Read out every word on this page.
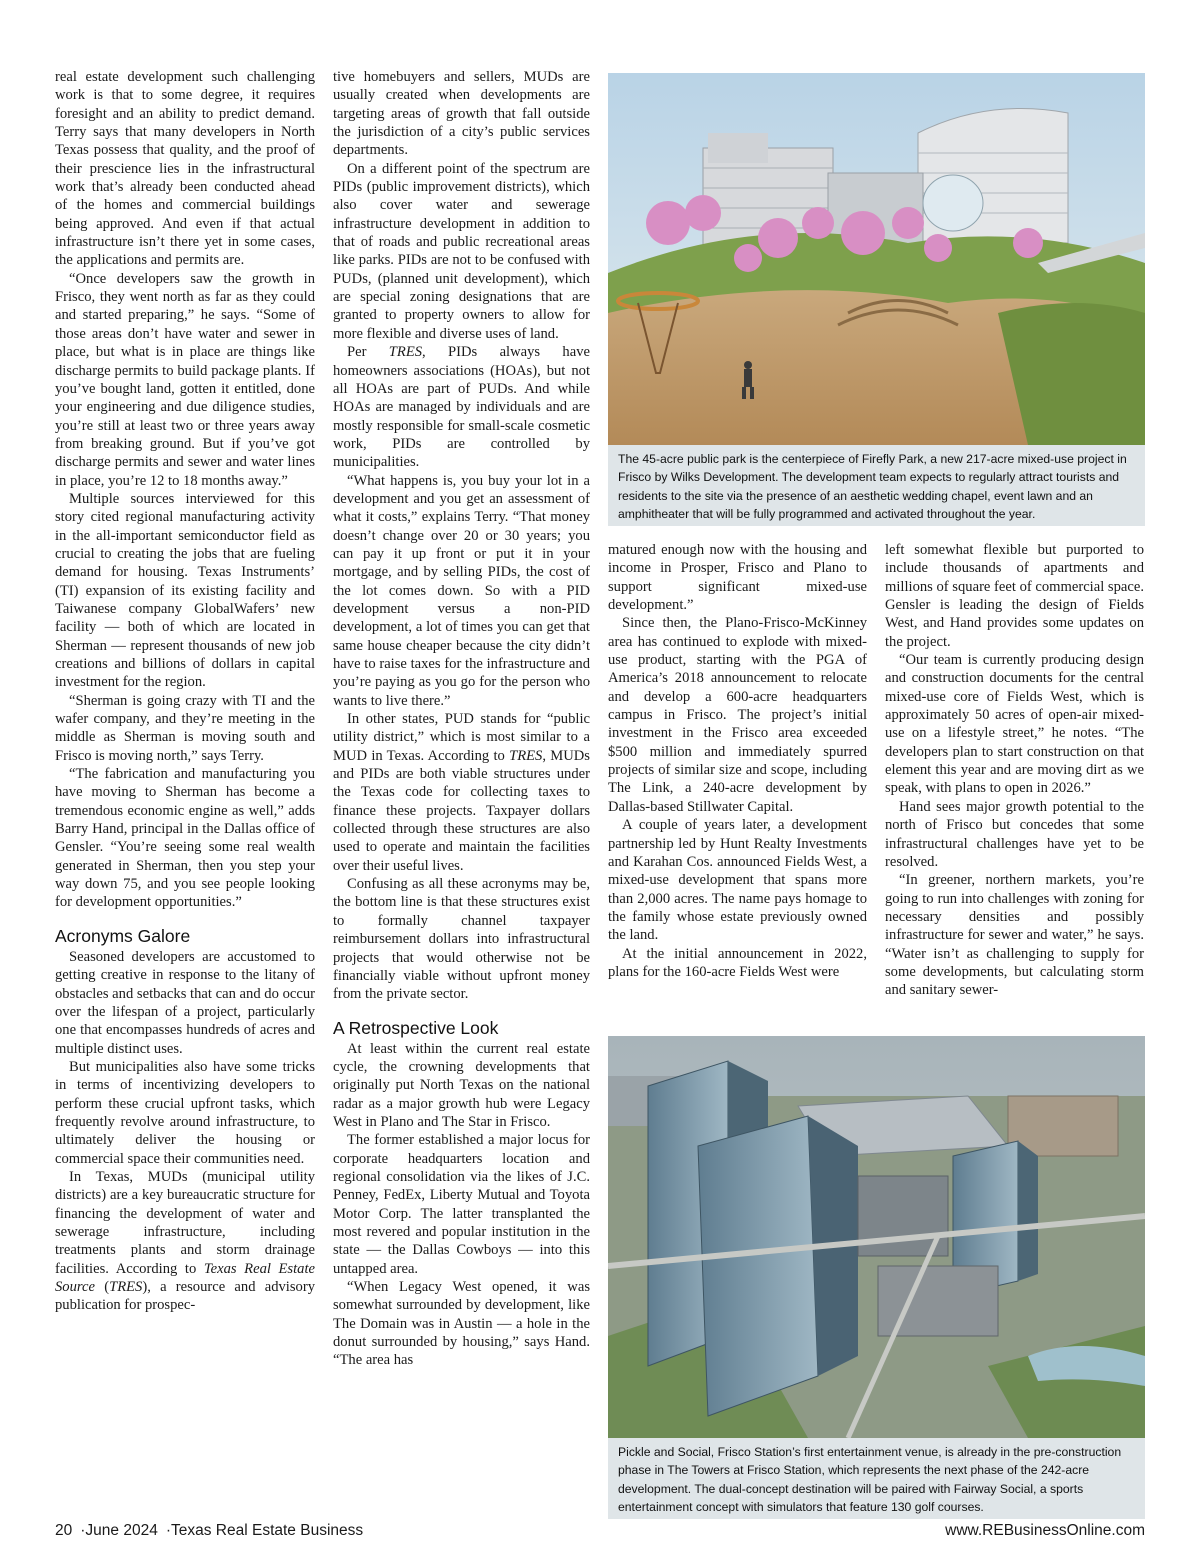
real estate development such challenging work is that to some degree, it requires foresight and an ability to predict demand. Terry says that many developers in North Texas possess that quality, and the proof of their prescience lies in the infrastructural work that’s already been conducted ahead of the homes and commercial buildings being approved. And even if that actual infrastructure isn’t there yet in some cases, the applications and permits are.

“Once developers saw the growth in Frisco, they went north as far as they could and started preparing,” he says. “Some of those areas don’t have water and sewer in place, but what is in place are things like discharge permits to build package plants. If you’ve bought land, gotten it entitled, done your engineering and due diligence studies, you’re still at least two or three years away from breaking ground. But if you’ve got discharge permits and sewer and water lines in place, you’re 12 to 18 months away.”

Multiple sources interviewed for this story cited regional manufacturing activity in the all-important semiconductor field as crucial to creating the jobs that are fueling demand for housing. Texas Instruments’ (TI) expansion of its existing facility and Taiwanese company GlobalWafers’ new facility — both of which are located in Sherman — represent thousands of new job creations and billions of dollars in capital investment for the region.

“Sherman is going crazy with TI and the wafer company, and they’re meeting in the middle as Sherman is moving south and Frisco is moving north,” says Terry.

“The fabrication and manufacturing you have moving to Sherman has become a tremendous economic engine as well,” adds Barry Hand, principal in the Dallas office of Gensler. “You’re seeing some real wealth generated in Sherman, then you step your way down 75, and you see people looking for development opportunities.”

Acronyms Galore

Seasoned developers are accustomed to getting creative in response to the litany of obstacles and setbacks that can and do occur over the lifespan of a project, particularly one that encompasses hundreds of acres and multiple distinct uses.

But municipalities also have some tricks in terms of incentivizing developers to perform these crucial upfront tasks, which frequently revolve around infrastructure, to ultimately deliver the housing or commercial space their communities need.

In Texas, MUDs (municipal utility districts) are a key bureaucratic structure for financing the development of water and sewerage infrastructure, including treatments plants and storm drainage facilities. According to Texas Real Estate Source (TRES), a resource and advisory publication for prospec-

tive homebuyers and sellers, MUDs are usually created when developments are targeting areas of growth that fall outside the jurisdiction of a city’s public services departments.

On a different point of the spectrum are PIDs (public improvement districts), which also cover water and sewerage infrastructure development in addition to that of roads and public recreational areas like parks. PIDs are not to be confused with PUDs, (planned unit development), which are special zoning designations that are granted to property owners to allow for more flexible and diverse uses of land.

Per TRES, PIDs always have homeowners associations (HOAs), but not all HOAs are part of PUDs. And while HOAs are managed by individuals and are mostly responsible for small-scale cosmetic work, PIDs are controlled by municipalities.

“What happens is, you buy your lot in a development and you get an assessment of what it costs,” explains Terry. “That money doesn’t change over 20 or 30 years; you can pay it up front or put it in your mortgage, and by selling PIDs, the cost of the lot comes down. So with a PID development versus a non-PID development, a lot of times you can get that same house cheaper because the city didn’t have to raise taxes for the infrastructure and you’re paying as you go for the person who wants to live there.”

In other states, PUD stands for “public utility district,” which is most similar to a MUD in Texas. According to TRES, MUDs and PIDs are both viable structures under the Texas code for collecting taxes to finance these projects. Taxpayer dollars collected through these structures are also used to operate and maintain the facilities over their useful lives.

Confusing as all these acronyms may be, the bottom line is that these structures exist to formally channel taxpayer reimbursement dollars into infrastructural projects that would otherwise not be financially viable without upfront money from the private sector.

A Retrospective Look

At least within the current real estate cycle, the crowning developments that originally put North Texas on the national radar as a major growth hub were Legacy West in Plano and The Star in Frisco.

The former established a major locus for corporate headquarters location and regional consolidation via the likes of J.C. Penney, FedEx, Liberty Mutual and Toyota Motor Corp. The latter transplanted the most revered and popular institution in the state — the Dallas Cowboys — into this untapped area.

“When Legacy West opened, it was somewhat surrounded by development, like The Domain was in Austin — a hole in the donut surrounded by housing,” says Hand. “The area has

The 45-acre public park is the centerpiece of Firefly Park, a new 217-acre mixed-use project in Frisco by Wilks Development. The development team expects to regularly attract tourists and residents to the site via the presence of an aesthetic wedding chapel, event lawn and an amphitheater that will be fully programmed and activated throughout the year.

matured enough now with the housing and income in Prosper, Frisco and Plano to support significant mixed-use development.”

Since then, the Plano-Frisco-McKinney area has continued to explode with mixed-use product, starting with the PGA of America’s 2018 announcement to relocate and develop a 600-acre headquarters campus in Frisco. The project’s initial investment in the Frisco area exceeded $500 million and immediately spurred projects of similar size and scope, including The Link, a 240-acre development by Dallas-based Stillwater Capital.

A couple of years later, a development partnership led by Hunt Realty Investments and Karahan Cos. announced Fields West, a mixed-use development that spans more than 2,000 acres. The name pays homage to the family whose estate previously owned the land.

At the initial announcement in 2022, plans for the 160-acre Fields West were

left somewhat flexible but purported to include thousands of apartments and millions of square feet of commercial space. Gensler is leading the design of Fields West, and Hand provides some updates on the project.

“Our team is currently producing design and construction documents for the central mixed-use core of Fields West, which is approximately 50 acres of open-air mixed-use on a lifestyle street,” he notes. “The developers plan to start construction on that element this year and are moving dirt as we speak, with plans to open in 2026.”

Hand sees major growth potential to the north of Frisco but concedes that some infrastructural challenges have yet to be resolved.

“In greener, northern markets, you’re going to run into challenges with zoning for necessary densities and possibly infrastructure for sewer and water,” he says. “Water isn’t as challenging to supply for some developments, but calculating storm and sanitary sewer-

Pickle and Social, Frisco Station’s first entertainment venue, is already in the pre-construction phase in The Towers at Frisco Station, which represents the next phase of the 242-acre development. The dual-concept destination will be paired with Fairway Social, a sports entertainment concept with simulators that feature 130 golf courses.
20 ·June 2024 ·Texas Real Estate Business	www.REBusinessOnline.com
